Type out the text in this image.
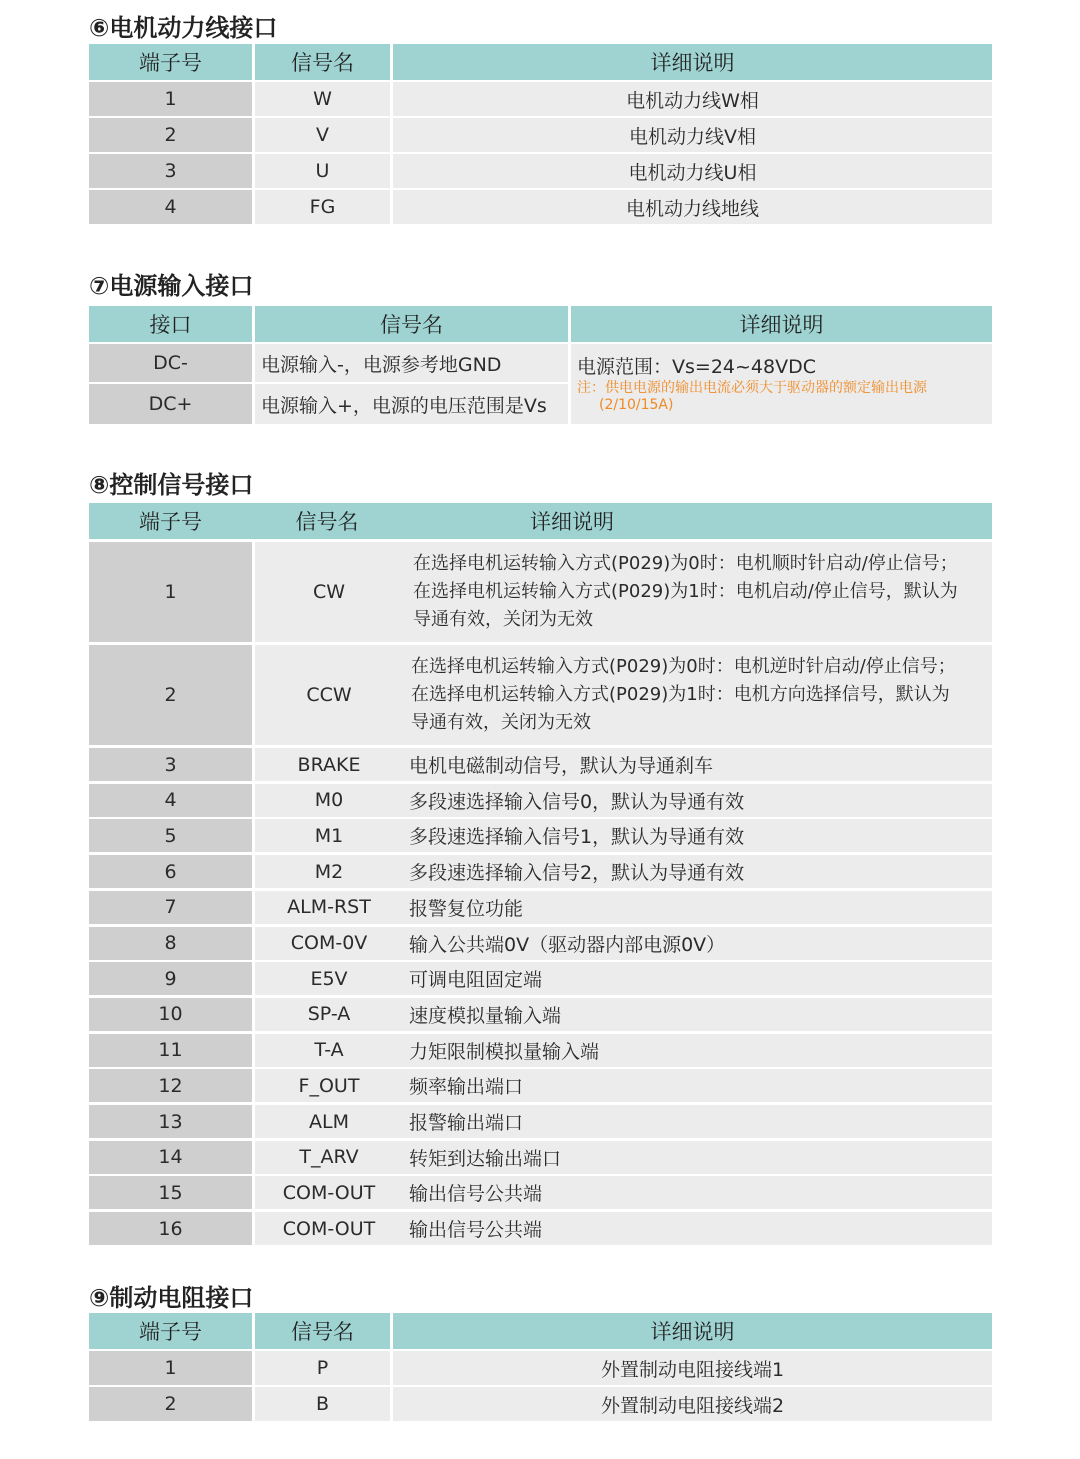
⑥电机动力线接口
端子号	信号名	详细说明
1	W	电机动力线W相
2	V	电机动力线V相
3	U	电机动力线U相
4	FG	电机动力线地线
⑦电源输入接口
接口	信号名	详细说明
DC-	电源输入-，电源参考地GND
DC+	电源输入+，电源的电压范围是Vs
电源范围：Vs=24~48VDC
注：供电电源的输出电流必须大于驱动器的额定输出电源
(2/10/15A)
⑧控制信号接口
端子号	信号名	详细说明
1	CW
在选择电机运转输入方式(P029)为0时：电机顺时针启动/停止信号；
在选择电机运转输入方式(P029)为1时：电机启动/停止信号，默认为
导通有效，关闭为无效
2	CCW
在选择电机运转输入方式(P029)为0时：电机逆时针启动/停止信号；
在选择电机运转输入方式(P029)为1时：电机方向选择信号，默认为
导通有效，关闭为无效
3	BRAKE	电机电磁制动信号，默认为导通刹车
4	M0	多段速选择输入信号0，默认为导通有效
5	M1	多段速选择输入信号1，默认为导通有效
6	M2	多段速选择输入信号2，默认为导通有效
7	ALM-RST	报警复位功能
8	COM-0V	输入公共端0V（驱动器内部电源0V）
9	E5V	可调电阻固定端
10	SP-A	速度模拟量输入端
11	T-A	力矩限制模拟量输入端
12	F_OUT	频率输出端口
13	ALM	报警输出端口
14	T_ARV	转矩到达输出端口
15	COM-OUT	输出信号公共端
16	COM-OUT	输出信号公共端
⑨制动电阻接口
端子号	信号名	详细说明
1	P	外置制动电阻接线端1
2	B	外置制动电阻接线端2
